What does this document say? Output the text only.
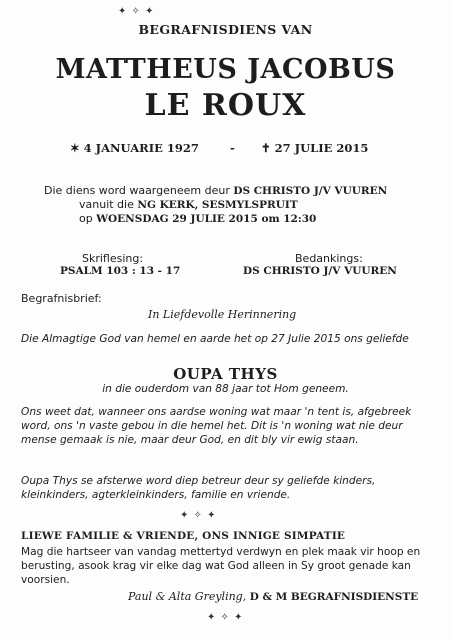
✦ ✧ ✦
BEGRAFNISDIENS VAN
MATTHEUS JACOBUS
LE ROUX
✶ 4 JANUARIE 1927	- ✝ 27 JULIE 2015
Die diens word waargeneem deur DS CHRISTO J/V VUUREN
vanuit die NG KERK, SESMYLSPRUIT
op WOENSDAG 29 JULIE 2015 om 12:30
Skriflesing:
PSALM 103 : 13 - 17
Bedankings:
DS CHRISTO J/V VUUREN
Begrafnisbrief:
In Liefdevolle Herinnering
Die Almagtige God van hemel en aarde het op 27 Julie 2015 ons geliefde
OUPA THYS
in die ouderdom van 88 jaar tot Hom geneem.
Ons weet dat, wanneer ons aardse woning wat maar 'n tent is, afgebreek word, ons 'n vaste gebou in die hemel het. Dit is 'n woning wat nie deur mense gemaak is nie, maar deur God, en dit bly vir ewig staan.
Oupa Thys se afsterwe word diep betreur deur sy geliefde kinders, kleinkinders, agterkleinkinders, familie en vriende.
✦ ✧ ✦
LIEWE FAMILIE & VRIENDE, ONS INNIGE SIMPATIE
Mag die hartseer van vandag mettertyd verdwyn en plek maak vir hoop en berusting, asook krag vir elke dag wat God alleen in Sy groot genade kan voorsien.
Paul & Alta Greyling, D & M BEGRAFNISDIENSTE
✦ ✧ ✦
